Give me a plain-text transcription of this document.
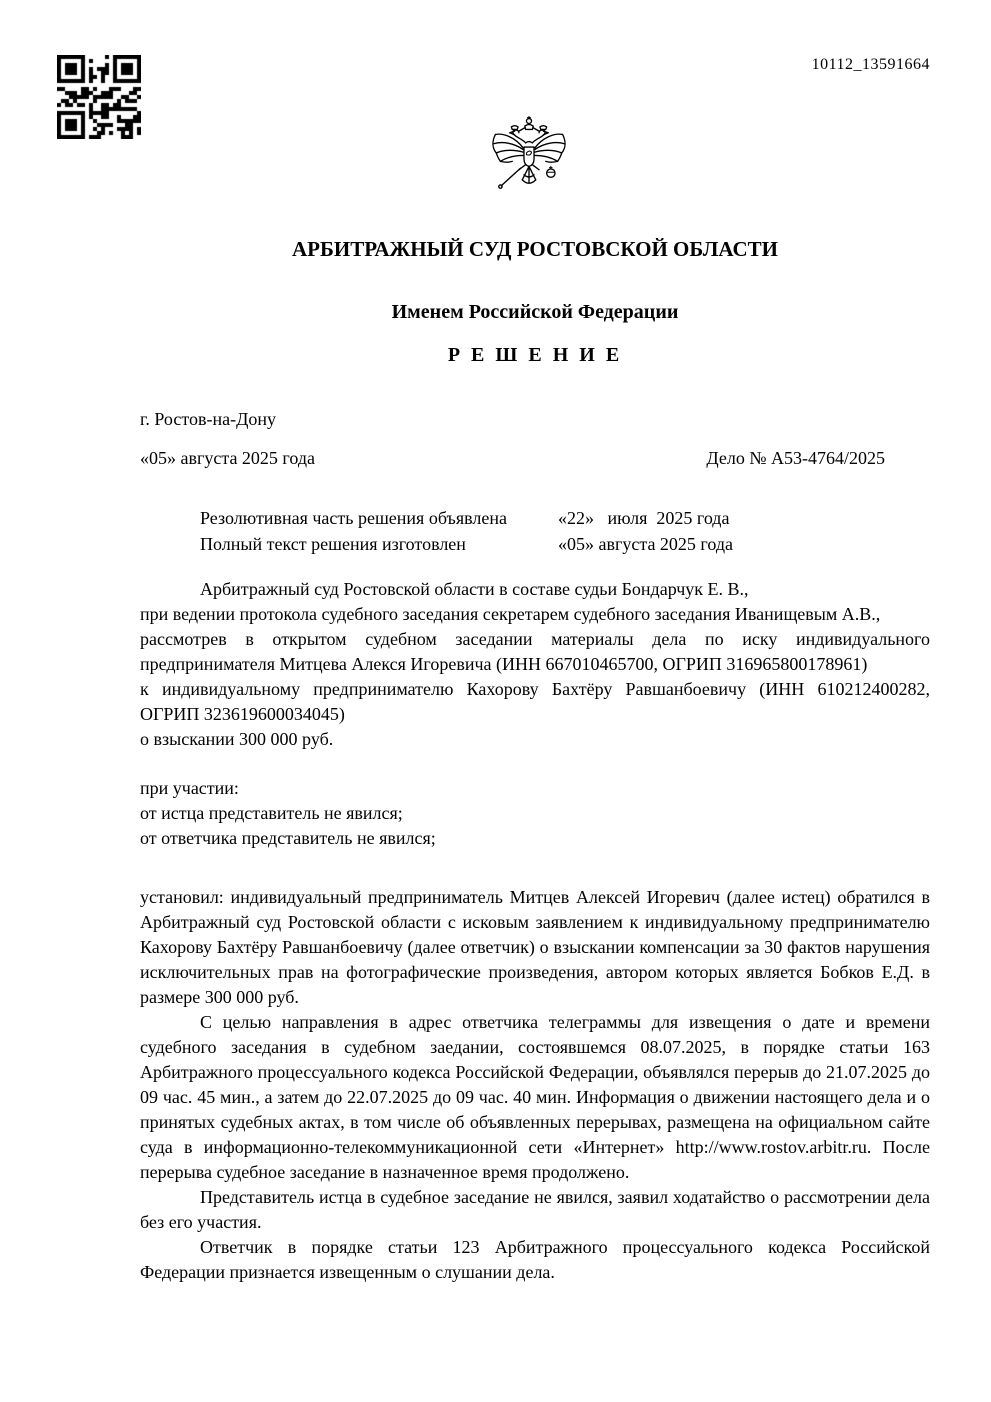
10112_13591664
АРБИТРАЖНЫЙ СУД РОСТОВСКОЙ ОБЛАСТИ
Именем Российской Федерации
Р Е Ш Е Н И Е
г. Ростов-на-Дону
«05» августа 2025 года	Дело № А53-4764/2025
Резолютивная часть решения объявлена	«22»   июля  2025 года
Полный текст решения изготовлен	«05» августа 2025 года

Арбитражный суд Ростовской области в составе судьи Бондарчук Е. В.,

при ведении протокола судебного заседания секретарем судебного заседания Иванищевым А.В.,

рассмотрев в открытом судебном заседании материалы дела по иску индивидуального предпринимателя Митцева Алекся Игоревича (ИНН 667010465700, ОГРИП 316965800178961)

к индивидуальному предпринимателю Кахорову Бахтёру Равшанбоевичу (ИНН 610212400282, ОГРИП 323619600034045)

о взыскании 300 000 руб.

при участии:

от истца представитель не явился;

от ответчика представитель не явился;

установил: индивидуальный предприниматель Митцев Алексей Игоревич (далее истец) обратился в Арбитражный суд Ростовской области с исковым заявлением к индивидуальному предпринимателю Кахорову Бахтёру Равшанбоевичу (далее ответчик) о взыскании компенсации за 30 фактов нарушения исключительных прав на фотографические произведения, автором которых является Бобков Е.Д. в размере 300 000 руб.

С целью направления в адрес ответчика телеграммы для извещения о дате и времени судебного заседания в судебном заедании, состоявшемся 08.07.2025, в порядке статьи 163 Арбитражного процессуального кодекса Российской Федерации, объявлялся перерыв до 21.07.2025 до 09 час. 45 мин., а затем до 22.07.2025 до 09 час. 40 мин. Информация о движении настоящего дела и о принятых судебных актах, в том числе об объявленных перерывах, размещена на официальном сайте суда в информационно-телекоммуникационной сети «Интернет» http://www.rostov.arbitr.ru. После перерыва судебное заседание в назначенное время продолжено.

Представитель истца в судебное заседание не явился, заявил ходатайство о рассмотрении дела без его участия.

Ответчик в порядке статьи 123 Арбитражного процессуального кодекса Российской Федерации признается извещенным о слушании дела.
